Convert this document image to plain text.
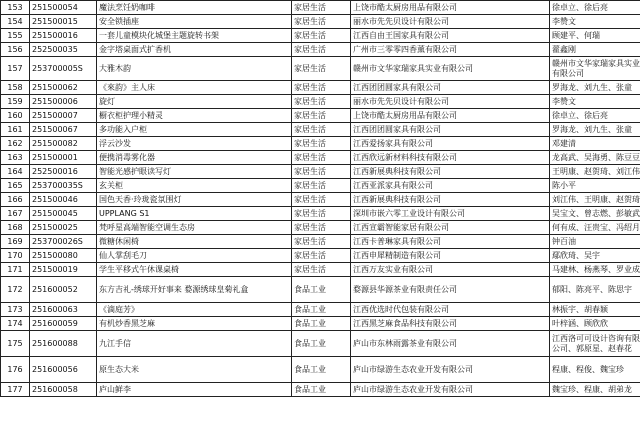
153	251500054	魔法烹饪奶咖啡	家居生活	上饶市酷太厨房用品有限公司	徐卓立、徐后亮
154	251500015	安全锁插座	家居生活	丽水市先先贝设计有限公司	李赞文
155	251500016	一套儿童模块化城堡主题旋转书架	家居生活	江西自由王国家具有限公司	顾建平、何瑞
156	252500035	金字塔桌面式扩香机	家居生活	广州市三零零四香薰有限公司	藿鑫刚
157	253700005S	大雅木韵	家居生活	赣州市文华家瑞家具实业有限公司	赣州市文华家瑞家具实业有限公司
158	251500062	《來韵》主人床	家居生活	江西团团圆家具有限公司	罗海龙、刘九生、张童
159	251500006	旋灯	家居生活	丽水市先先贝设计有限公司	李赞文
160	251500007	橱衣柜护理小精灵	家居生活	上饶市酷太厨房用品有限公司	徐卓立、徐后亮
161	251500067	多功能入户柜	家居生活	江西团团圆家具有限公司	罗海龙、刘九生、张童
162	251500082	浮云沙发	家居生活	江西爱扬家具有限公司	邓建清
163	251500001	便携消毒雾化器	家居生活	江西欣远新材料科技有限公司	龙高武、吴海勇、陈豆豆
164	252500016	智能光感护眼读写灯	家居生活	江西新展典科技有限公司	王明康、赵贺琦、刘江伟
165	253700035S	玄关柜	家居生活	江西亚派家具有限公司	陈小平
166	251500046	国色天香·玲珑瓷氛围灯	家居生活	江西新展典科技有限公司	刘江伟、王明康、赵贺琦
167	251500045	UPPLANG S1	家居生活	深圳市嵌六零工业设计有限公司	吴宝文、曾志燃、彭敏武
168	251500025	梵呼星高端智能空调生态房	家居生活	江西宣霸智能家居有限公司	何有成、汪贵宝、冯绍月
169	253700026S	微糖休闲椅	家居生活	江西卡普琳家具有限公司	钟百油
170	251500080	仙人掌刮毛刀	家居生活	江西申犀精制造有限公司	鄢欣琦、吴宇
171	251500019	学生平移式午休课桌椅	家居生活	江西万友实业有限公司	马建林、杨燕琴、罗业成
172	251600052	东方吉礼-绣球开好事来 婺源绣球皇菊礼盒	食品工业	婺源县华源茶业有限责任公司	郁阳、陈亮平、陈思宇
173	251600063	《滴庭芳》	食品工业	江西优选时代包装有限公司	林振宇、胡春颖
174	251600059	有机炒香黑芝麻	食品工业	江西黑芝麻食品科技有限公司	叶梓涵、顾欣欣
175	251600088	九江手信	食品工业	庐山市东林雨露茶业有限公司	江西洛可可设计咨询有限公司、郭原星、赵春花
176	251600056	原生态大米	食品工业	庐山市绿游生态农业开发有限公司	程康、程俊、魏宝珍
177	251600058	庐山鲜李	食品工业	庐山市绿游生态农业开发有限公司	魏宝珍、程康、胡弟龙
